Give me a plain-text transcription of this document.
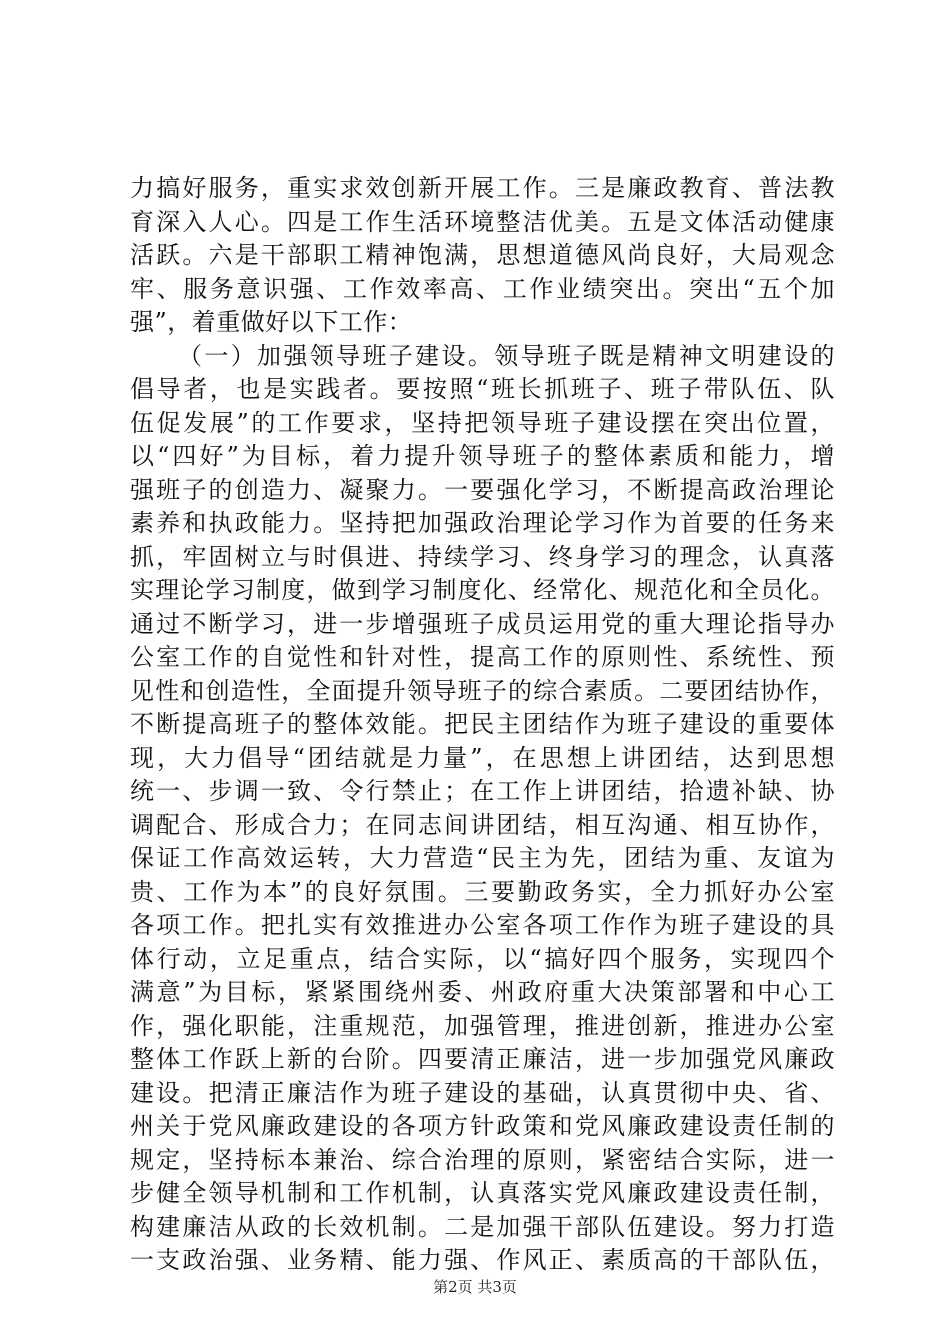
力搞好服务，重实求效创新开展工作。三是廉政教育、普法教
育深入人心。四是工作生活环境整洁优美。五是文体活动健康
活跃。六是干部职工精神饱满，思想道德风尚良好，大局观念
牢、服务意识强、工作效率高、工作业绩突出。突出“五个加
强”，着重做好以下工作：
（一）加强领导班子建设。领导班子既是精神文明建设的
倡导者，也是实践者。要按照“班长抓班子、班子带队伍、队
伍促发展”的工作要求，坚持把领导班子建设摆在突出位置，
以“四好”为目标，着力提升领导班子的整体素质和能力，增
强班子的创造力、凝聚力。一要强化学习，不断提高政治理论
素养和执政能力。坚持把加强政治理论学习作为首要的任务来
抓，牢固树立与时俱进、持续学习、终身学习的理念，认真落
实理论学习制度，做到学习制度化、经常化、规范化和全员化。
通过不断学习，进一步增强班子成员运用党的重大理论指导办
公室工作的自觉性和针对性，提高工作的原则性、系统性、预
见性和创造性，全面提升领导班子的综合素质。二要团结协作，
不断提高班子的整体效能。把民主团结作为班子建设的重要体
现，大力倡导“团结就是力量”，在思想上讲团结，达到思想
统一、步调一致、令行禁止；在工作上讲团结，拾遗补缺、协
调配合、形成合力；在同志间讲团结，相互沟通、相互协作，
保证工作高效运转，大力营造“民主为先，团结为重、友谊为
贵、工作为本”的良好氛围。三要勤政务实，全力抓好办公室
各项工作。把扎实有效推进办公室各项工作作为班子建设的具
体行动，立足重点，结合实际，以“搞好四个服务，实现四个
满意”为目标，紧紧围绕州委、州政府重大决策部署和中心工
作，强化职能，注重规范，加强管理，推进创新，推进办公室
整体工作跃上新的台阶。四要清正廉洁，进一步加强党风廉政
建设。把清正廉洁作为班子建设的基础，认真贯彻中央、省、
州关于党风廉政建设的各项方针政策和党风廉政建设责任制的
规定，坚持标本兼治、综合治理的原则，紧密结合实际，进一
步健全领导机制和工作机制，认真落实党风廉政建设责任制，
构建廉洁从政的长效机制。二是加强干部队伍建设。努力打造
一支政治强、业务精、能力强、作风正、素质高的干部队伍，
第2页 共3页
